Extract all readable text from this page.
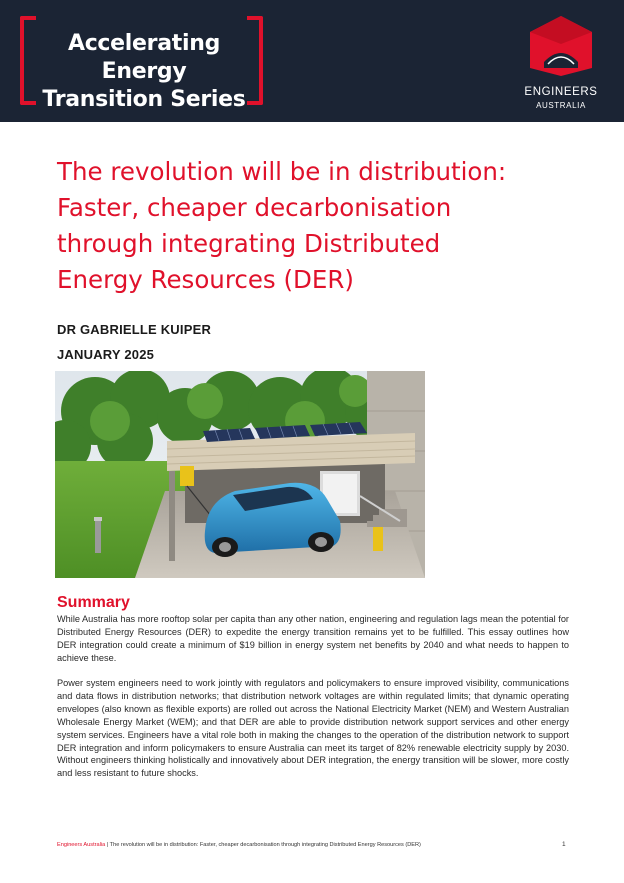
Accelerating Energy
Transition Series	ENGINEERS
AUSTRALIA
The revolution will be in distribution:
Faster, cheaper decarbonisation
through integrating Distributed
Energy Resources (DER)
DR GABRIELLE KUIPER
JANUARY 2025
Summary
While Australia has more rooftop solar per capita than any other nation, engineering and regulation lags mean the potential for Distributed Energy Resources (DER) to expedite the energy transition remains yet to be fulfilled. This essay outlines how DER integration could create a minimum of $19 billion in energy system net benefits by 2040 and what needs to happen to achieve these.
Power system engineers need to work jointly with regulators and policymakers to ensure improved visibility, communications and data flows in distribution networks; that distribution network voltages are within regulated limits; that dynamic operating envelopes (also known as flexible exports) are rolled out across the National Electricity Market (NEM) and Western Australian Wholesale Energy Market (WEM); and that DER are able to provide distribution network support services and other energy system services. Engineers have a vital role both in making the changes to the operation of the distribution network to support DER integration and inform policymakers to ensure Australia can meet its target of 82% renewable electricity supply by 2030. Without engineers thinking holistically and innovatively about DER integration, the energy transition will be slower, more costly and less resistant to future shocks.
Engineers Australia | The revolution will be in distribution: Faster, cheaper decarbonisation through integrating Distributed Energy Resources (DER)	1
